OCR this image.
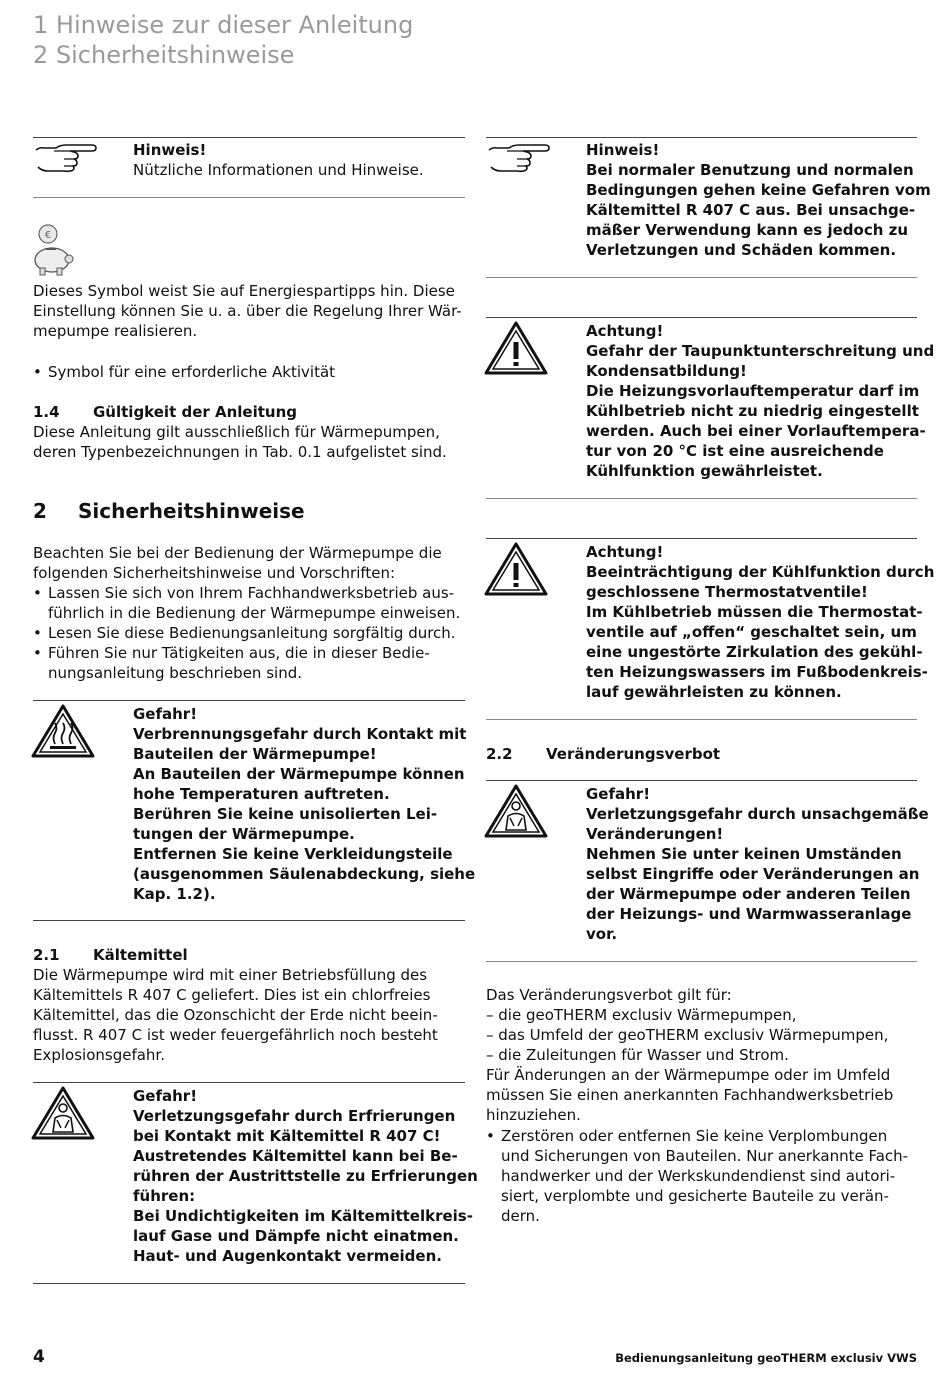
1 Hinweise zur dieser Anleitung
2 Sicherheitshinweise
Hinweis!
Nützliche Informationen und Hinweise.
€
Dieses Symbol weist Sie auf Energiespartipps hin. Diese
Einstellung können Sie u. a. über die Regelung Ihrer Wär-
mepumpe realisieren.
• Symbol für eine erforderliche Aktivität
1.4 Gültigkeit der Anleitung
Diese Anleitung gilt ausschließlich für Wärmepumpen,
deren Typenbezeichnungen in Tab. 0.1 aufgelistet sind.
2 Sicherheitshinweise
Beachten Sie bei der Bedienung der Wärmepumpe die
folgenden Sicherheitshinweise und Vorschriften:
• Lassen Sie sich von Ihrem Fachhandwerksbetrieb aus-
führlich in die Bedienung der Wärmepumpe einweisen.
• Lesen Sie diese Bedienungsanleitung sorgfältig durch.
• Führen Sie nur Tätigkeiten aus, die in dieser Bedie-
nungsanleitung beschrieben sind.
Gefahr!
Verbrennungsgefahr durch Kontakt mit
Bauteilen der Wärmepumpe!
An Bauteilen der Wärmepumpe können
hohe Temperaturen auftreten.
Berühren Sie keine unisolierten Lei-
tungen der Wärmepumpe.
Entfernen Sie keine Verkleidungsteile
(ausgenommen Säulenabdeckung, siehe
Kap. 1.2).
2.1 Kältemittel
Die Wärmepumpe wird mit einer Betriebsfüllung des
Kältemittels R 407 C geliefert. Dies ist ein chlorfreies
Kältemittel, das die Ozonschicht der Erde nicht beein-
flusst. R 407 C ist weder feuergefährlich noch besteht
Explosionsgefahr.
Gefahr!
Verletzungsgefahr durch Erfrierungen
bei Kontakt mit Kältemittel R 407 C!
Austretendes Kältemittel kann bei Be-
rühren der Austrittstelle zu Erfrierungen
führen:
Bei Undichtigkeiten im Kältemittelkreis-
lauf Gase und Dämpfe nicht einatmen.
Haut- und Augenkontakt vermeiden.
Hinweis!
Bei normaler Benutzung und normalen
Bedingungen gehen keine Gefahren vom
Kältemittel R 407 C aus. Bei unsachge-
mäßer Verwendung kann es jedoch zu
Verletzungen und Schäden kommen.
Achtung!
Gefahr der Taupunktunterschreitung und
Kondensatbildung!
Die Heizungsvorlauftemperatur darf im
Kühlbetrieb nicht zu niedrig eingestellt
werden. Auch bei einer Vorlauftempera-
tur von 20 °C ist eine ausreichende
Kühlfunktion gewährleistet.
Achtung!
Beeinträchtigung der Kühlfunktion durch
geschlossene Thermostatventile!
Im Kühlbetrieb müssen die Thermostat-
ventile auf „offen“ geschaltet sein, um
eine ungestörte Zirkulation des gekühl-
ten Heizungswassers im Fußbodenkreis-
lauf gewährleisten zu können.
2.2 Veränderungsverbot
Gefahr!
Verletzungsgefahr durch unsachgemäße
Veränderungen!
Nehmen Sie unter keinen Umständen
selbst Eingriffe oder Veränderungen an
der Wärmepumpe oder anderen Teilen
der Heizungs- und Warmwasseranlage
vor.
Das Veränderungsverbot gilt für:
– die geoTHERM exclusiv Wärmepumpen,
– das Umfeld der geoTHERM exclusiv Wärmepumpen,
– die Zuleitungen für Wasser und Strom.
Für Änderungen an der Wärmepumpe oder im Umfeld
müssen Sie einen anerkannten Fachhandwerksbetrieb
hinzuziehen.
• Zerstören oder entfernen Sie keine Verplombungen
und Sicherungen von Bauteilen. Nur anerkannte Fach-
handwerker und der Werkskundendienst sind autori-
siert, verplombte und gesicherte Bauteile zu verän-
dern.
4	Bedienungsanleitung geoTHERM exclusiv VWS
